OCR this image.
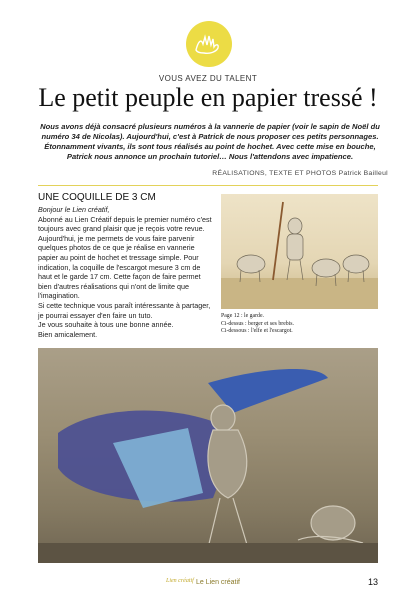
VOUS AVEZ DU TALENT
Le petit peuple en papier tressé !
Nous avons déjà consacré plusieurs numéros à la vannerie de papier (voir le sapin de Noël du numéro 34 de Nicolas). Aujourd'hui, c'est à Patrick de nous proposer ces petits personnages. Étonnamment vivants, ils sont tous réalisés au point de hochet. Avec cette mise en bouche, Patrick nous annonce un prochain tutoriel… Nous l'attendons avec impatience.
RÉALISATIONS, TEXTE ET PHOTOS Patrick Bailleul
UNE COQUILLE DE 3 CM

Bonjour le Lien créatif,

Abonné au Lien Créatif depuis le premier numéro c'est toujours avec grand plaisir que je reçois votre revue.

Aujourd'hui, je me permets de vous faire parvenir quelques photos de ce que je réalise en vannerie papier au point de hochet et tressage simple. Pour indication, la coquille de l'escargot mesure 3 cm de haut et le garde 17 cm. Cette façon de faire permet bien d'autres réalisations qui n'ont de limite que l'imagination.

Si cette technique vous paraît intéressante à partager, je pourrai essayer d'en faire un tuto.

Je vous souhaite à tous une bonne année.

Bien amicalement.

Page 12 : le garde.
Ci-dessus : berger et ses brebis.
Ci-dessous : l'elfe et l'escargot.
Lien créatif Le Lien créatif	13
